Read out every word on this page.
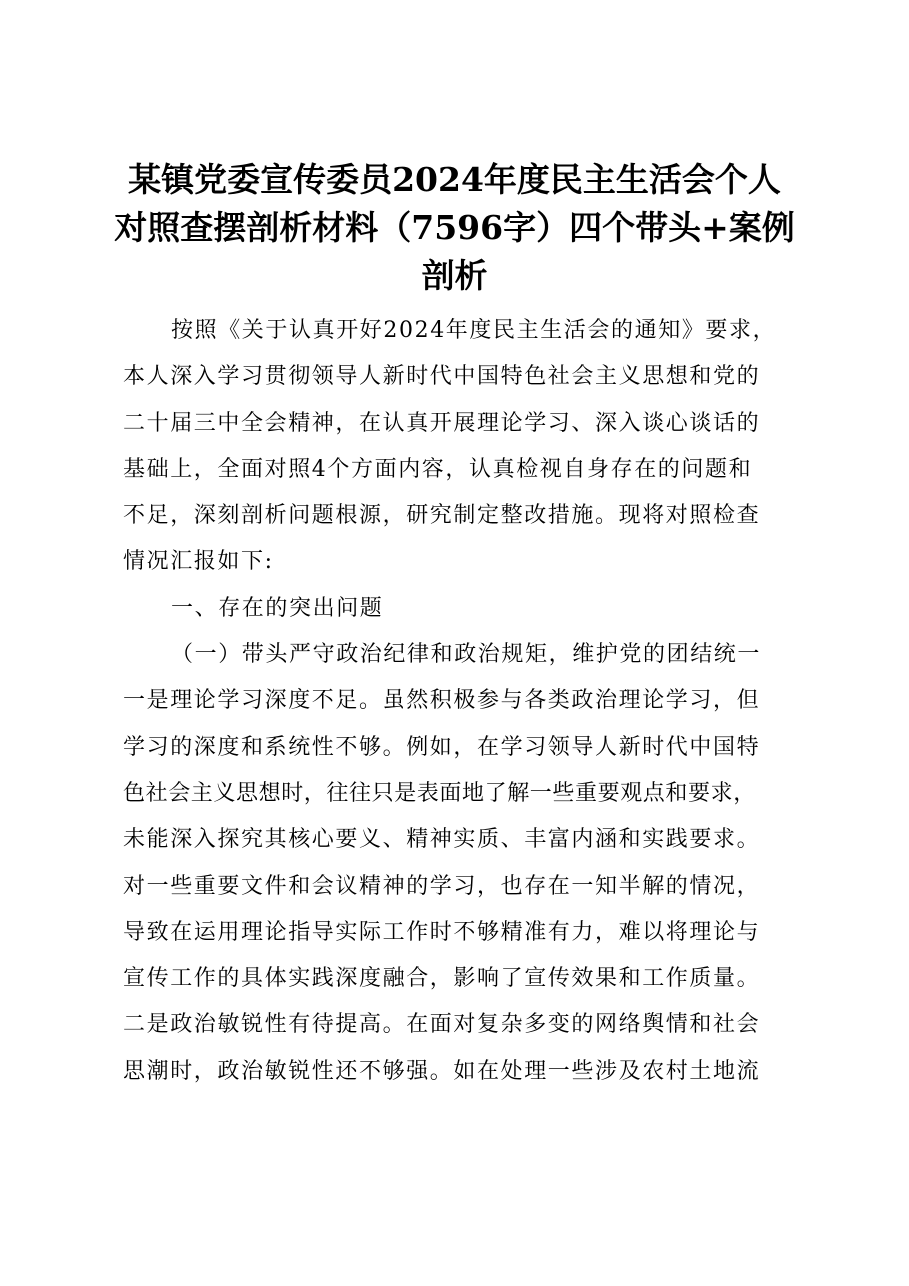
某镇党委宣传委员2024年度民主生活会个人
对照查摆剖析材料（7596字）四个带头+案例
剖析
按照《关于认真开好2024年度民主生活会的通知》要求，
本人深入学习贯彻领导人新时代中国特色社会主义思想和党的
二十届三中全会精神，在认真开展理论学习、深入谈心谈话的
基础上，全面对照4个方面内容，认真检视自身存在的问题和
不足，深刻剖析问题根源，研究制定整改措施。现将对照检查
情况汇报如下:
一、存在的突出问题
（一）带头严守政治纪律和政治规矩，维护党的团结统一
一是理论学习深度不足。虽然积极参与各类政治理论学习，但
学习的深度和系统性不够。例如，在学习领导人新时代中国特
色社会主义思想时，往往只是表面地了解一些重要观点和要求，
未能深入探究其核心要义、精神实质、丰富内涵和实践要求。
对一些重要文件和会议精神的学习，也存在一知半解的情况，
导致在运用理论指导实际工作时不够精准有力，难以将理论与
宣传工作的具体实践深度融合，影响了宣传效果和工作质量。
二是政治敏锐性有待提高。在面对复杂多变的网络舆情和社会
思潮时，政治敏锐性还不够强。如在处理一些涉及农村土地流
